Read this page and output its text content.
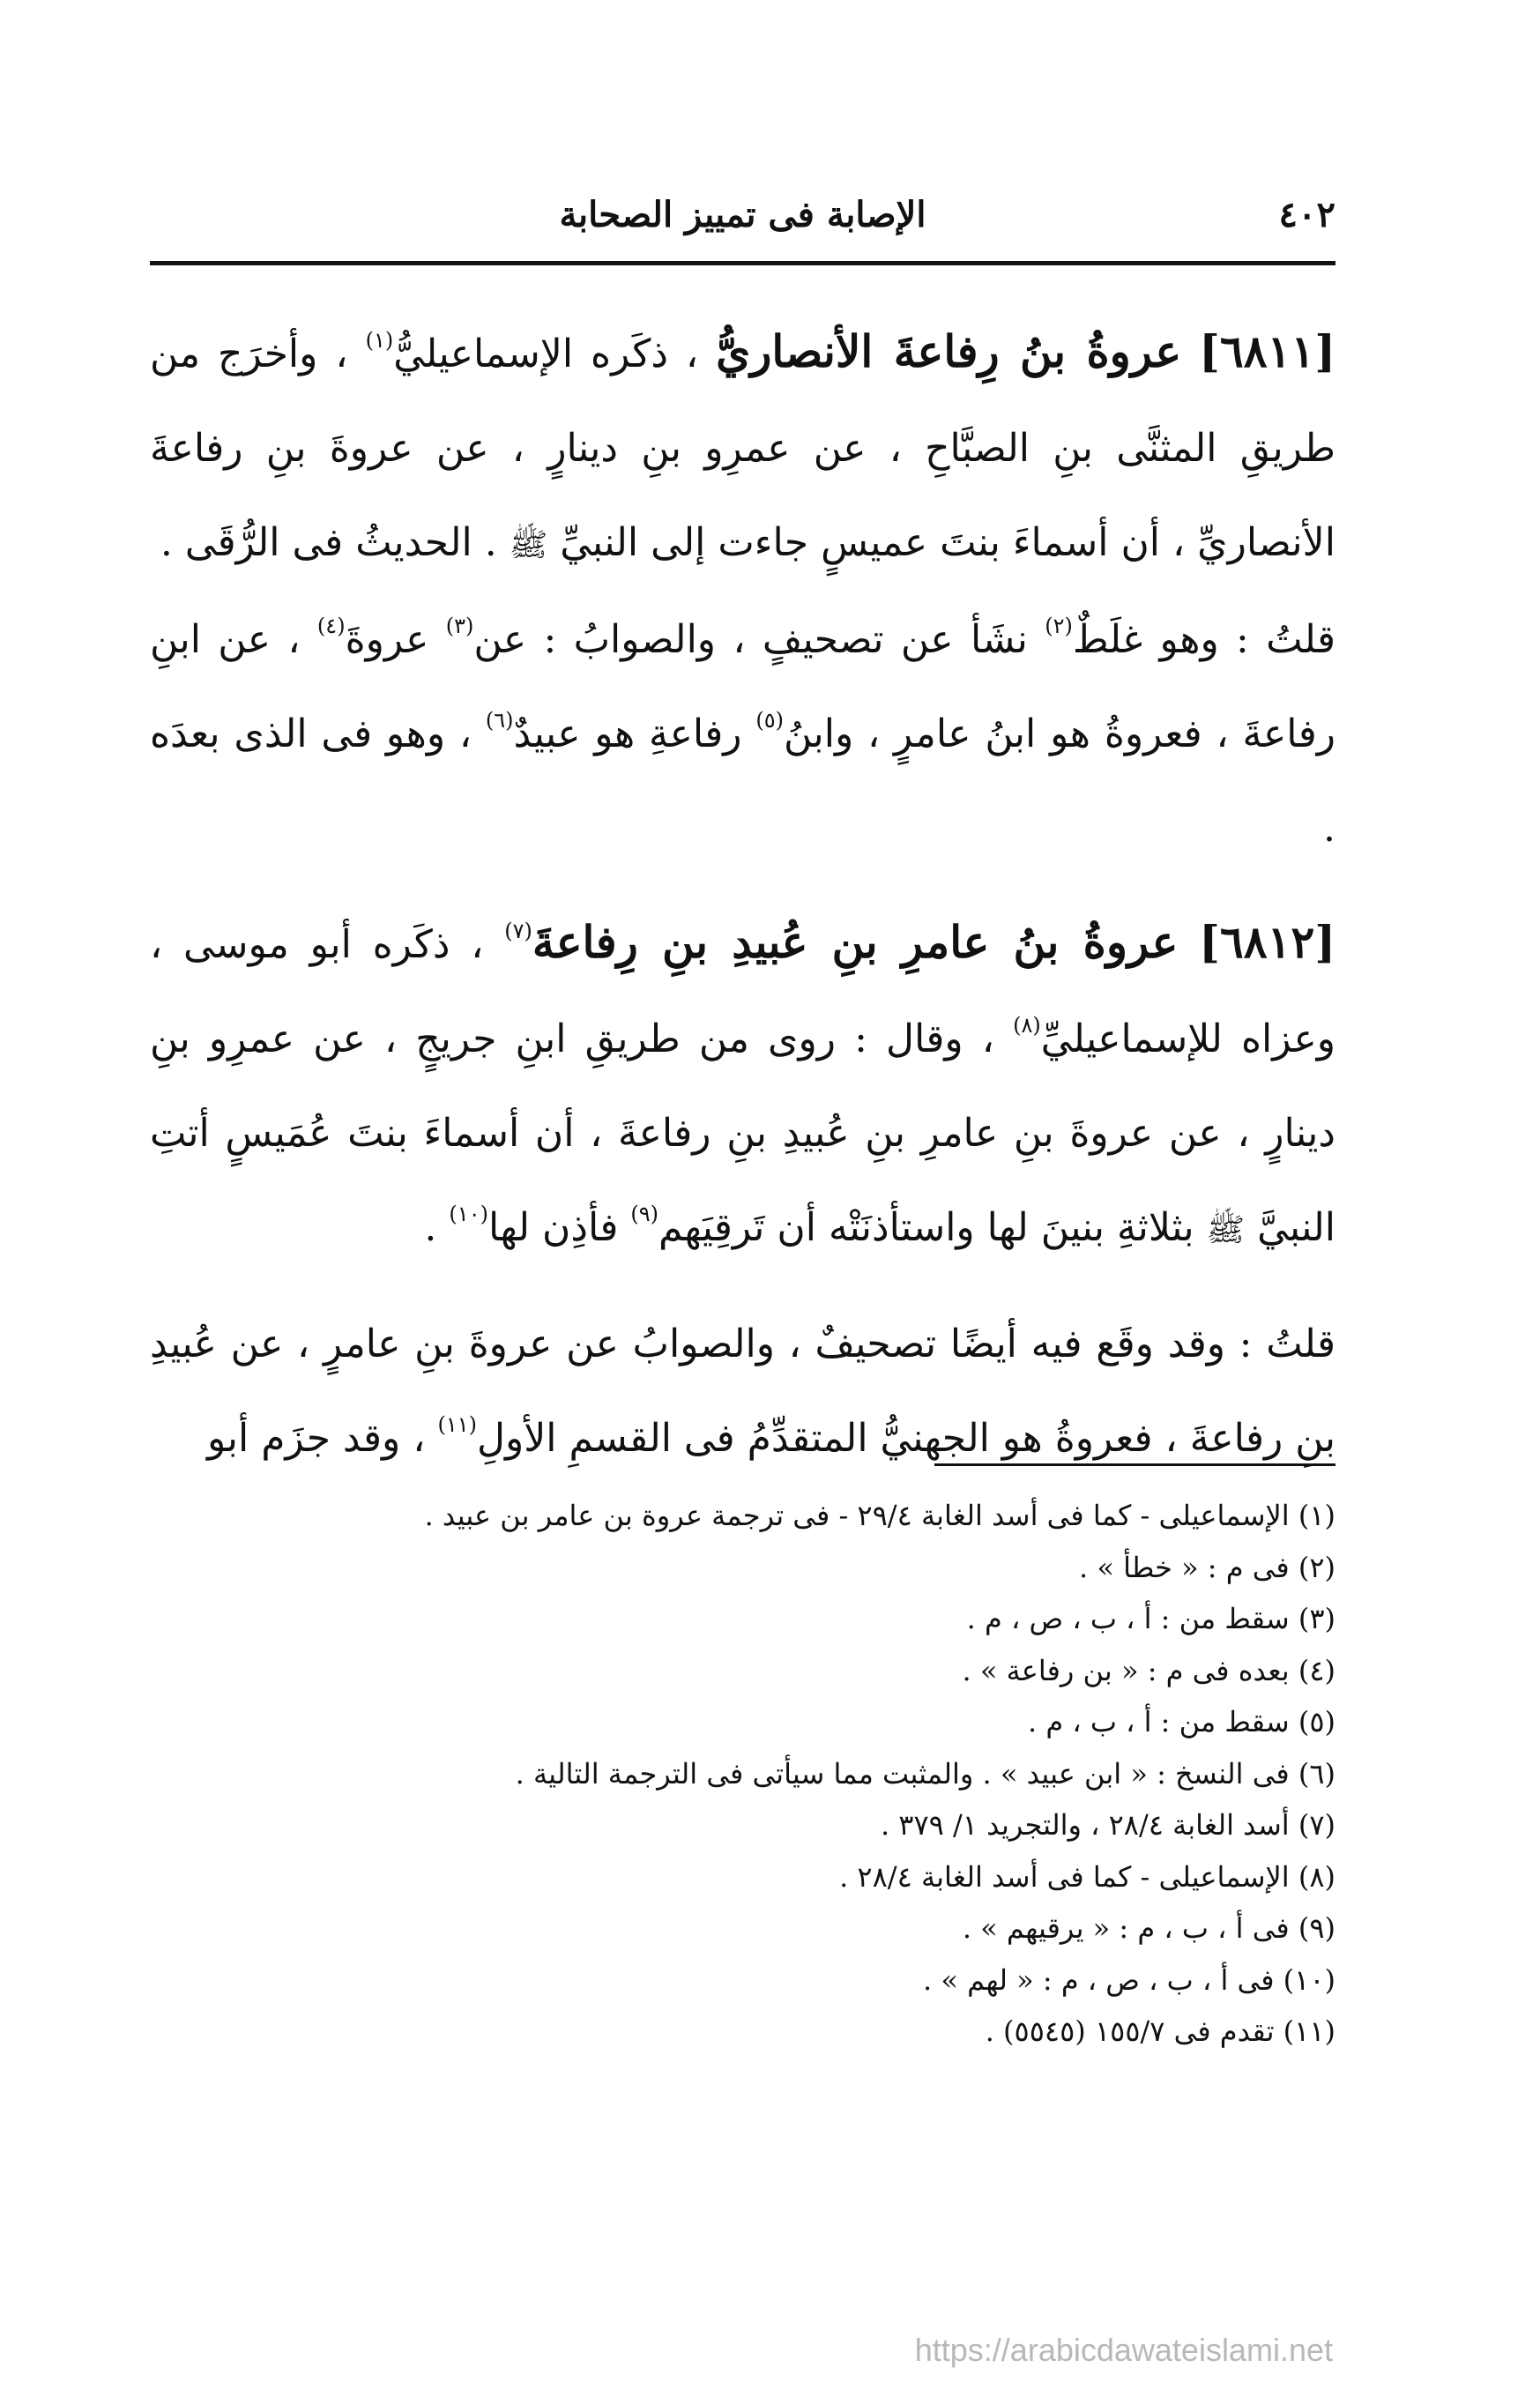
٤٠٢
الإصابة فى تمييز الصحابة

[٦٨١١] عروةُ بنُ رِفاعةَ الأنصاريُّ ، ذكَره الإسماعيليُّ$^{(١)}$ ، وأخرَج من طريقِ المثنَّى بنِ الصبَّاحِ ، عن عمرِو بنِ دينارٍ ، عن عروةَ بنِ رفاعةَ الأنصاريِّ ، أن أسماءَ بنتَ عميسٍ جاءت إلى النبيِّ ﷺ . الحديثُ فى الرُّقَى .

قلتُ : وهو غلَطٌ$^{(٢)}$ نشَأ عن تصحيفٍ ، والصوابُ : عن$^{(٣)}$ عروةَ$^{(٤)}$ ، عن ابنِ رفاعةَ ، فعروةُ هو ابنُ عامرٍ ، وابنُ$^{(٥)}$ رفاعةِ هو عبيدٌ$^{(٦)}$ ، وهو فى الذى بعدَه .

[٦٨١٢] عروةُ بنُ عامرِ بنِ عُبيدِ بنِ رِفاعةَ$^{(٧)}$ ، ذكَره أبو موسى ، وعزاه للإسماعيليِّ$^{(٨)}$ ، وقال : روى من طريقِ ابنِ جريجٍ ، عن عمرِو بنِ دينارٍ ، عن عروةَ بنِ عامرِ بنِ عُبيدِ بنِ رفاعةَ ، أن أسماءَ بنتَ عُمَيسٍ أتتِ النبيَّ ﷺ بثلاثةِ بنينَ لها واستأذنَتْه أن تَرقِيَهم$^{(٩)}$ فأذِن لها$^{(١٠)}$ .

قلتُ : وقد وقَع فيه أيضًا تصحيفٌ ، والصوابُ عن عروةَ بنِ عامرٍ ، عن عُبيدِ بنِ رفاعةَ ، فعروةُ هو الجهنيُّ المتقدِّمُ فى القسمِ الأولِ$^{(١١)}$ ، وقد جزَم أبو

(١) الإسماعيلى - كما فى أسد الغابة ٢٩/٤ - فى ترجمة عروة بن عامر بن عبيد .

(٢) فى م : « خطأ » .

(٣) سقط من : أ ، ب ، ص ، م .

(٤) بعده فى م : « بن رفاعة » .

(٥) سقط من : أ ، ب ، م .

(٦) فى النسخ : « ابن عبيد » . والمثبت مما سيأتى فى الترجمة التالية .

(٧) أسد الغابة ٢٨/٤ ، والتجريد ١/ ٣٧٩ .

(٨) الإسماعيلى - كما فى أسد الغابة ٢٨/٤ .

(٩) فى أ ، ب ، م : « يرقيهم » .

(١٠) فى أ ، ب ، ص ، م : « لهم » .

(١١) تقدم فى ١٥٥/٧ (٥٥٤٥) .

https://arabicdawateislami.net
